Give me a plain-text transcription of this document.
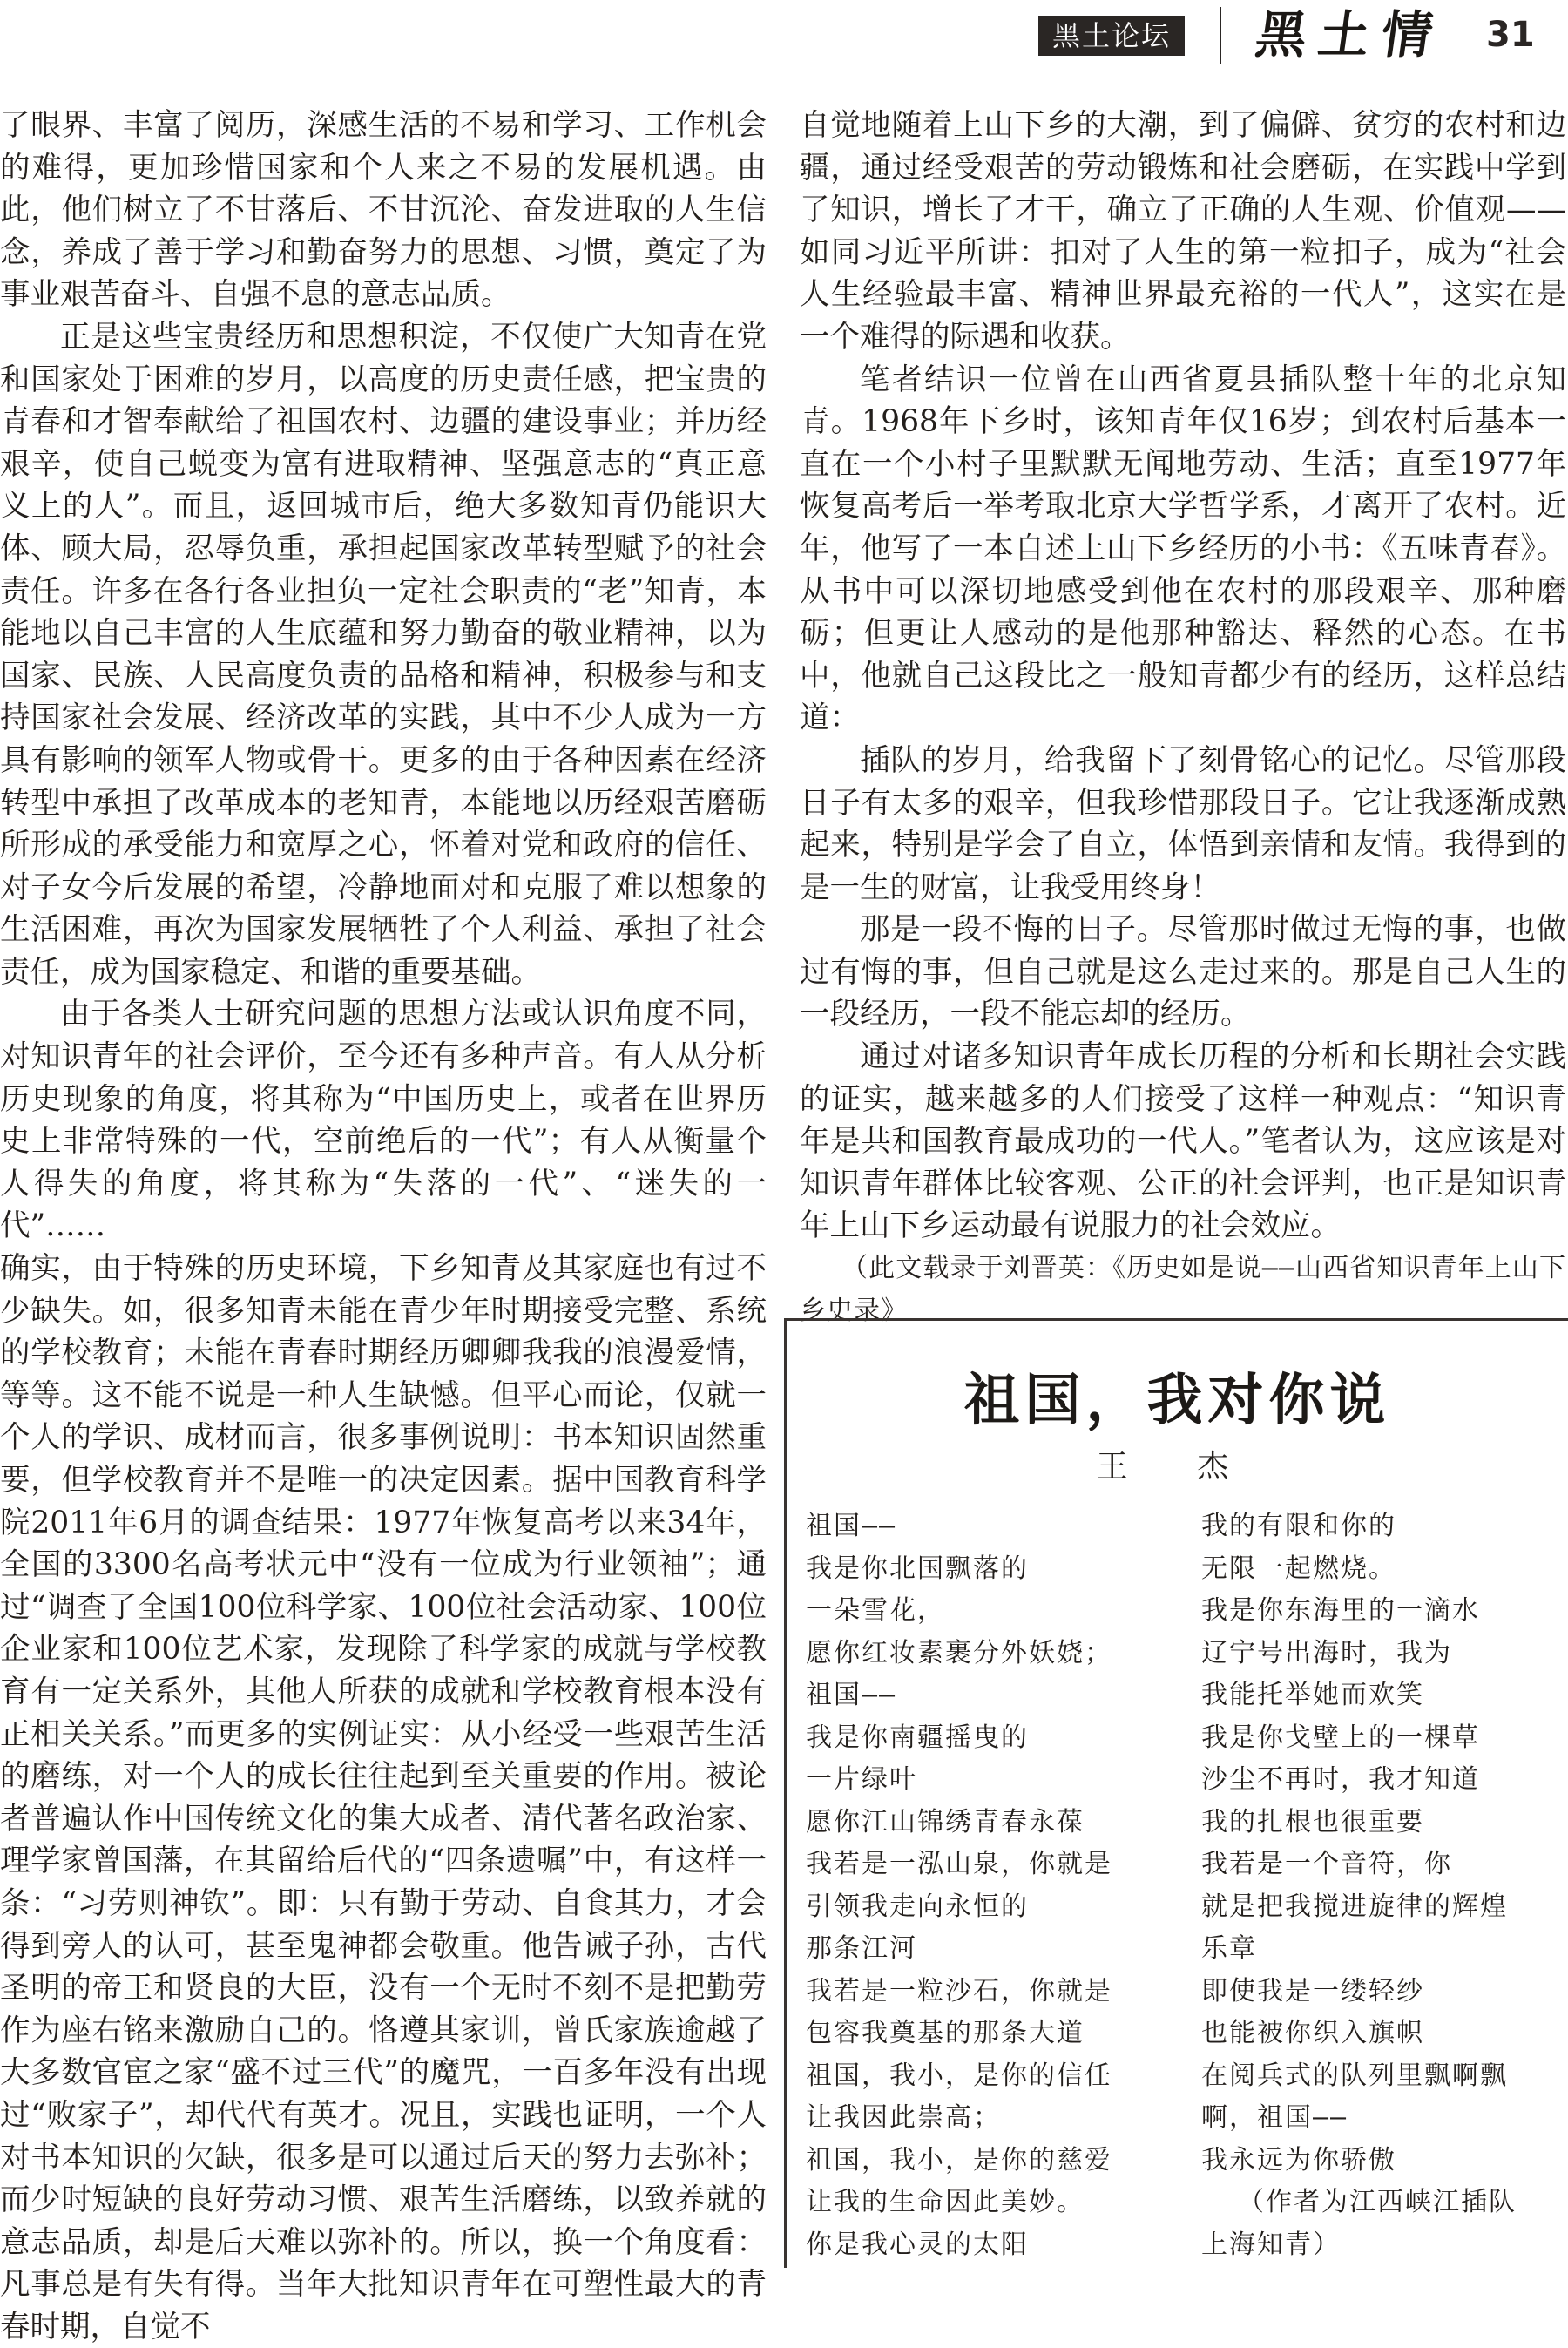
黑土论坛 黑土情 31

了眼界、丰富了阅历，深感生活的不易和学习、工作机会的难得，更加珍惜国家和个人来之不易的发展机遇。由此，他们树立了不甘落后、不甘沉沦、奋发进取的人生信念，养成了善于学习和勤奋努力的思想、习惯，奠定了为事业艰苦奋斗、自强不息的意志品质。

正是这些宝贵经历和思想积淀，不仅使广大知青在党和国家处于困难的岁月，以高度的历史责任感，把宝贵的青春和才智奉献给了祖国农村、边疆的建设事业；并历经艰辛，使自己蜕变为富有进取精神、坚强意志的“真正意义上的人”。而且，返回城市后，绝大多数知青仍能识大体、顾大局，忍辱负重，承担起国家改革转型赋予的社会责任。许多在各行各业担负一定社会职责的“老”知青，本能地以自己丰富的人生底蕴和努力勤奋的敬业精神，以为国家、民族、人民高度负责的品格和精神，积极参与和支持国家社会发展、经济改革的实践，其中不少人成为一方具有影响的领军人物或骨干。更多的由于各种因素在经济转型中承担了改革成本的老知青，本能地以历经艰苦磨砺所形成的承受能力和宽厚之心，怀着对党和政府的信任、对子女今后发展的希望，冷静地面对和克服了难以想象的生活困难，再次为国家发展牺牲了个人利益、承担了社会责任，成为国家稳定、和谐的重要基础。

由于各类人士研究问题的思想方法或认识角度不同，对知识青年的社会评价，至今还有多种声音。有人从分析历史现象的角度，将其称为“中国历史上，或者在世界历史上非常特殊的一代，空前绝后的一代”；有人从衡量个人得失的角度，将其称为“失落的一代”、“迷失的一代”……

确实，由于特殊的历史环境，下乡知青及其家庭也有过不少缺失。如，很多知青未能在青少年时期接受完整、系统的学校教育；未能在青春时期经历卿卿我我的浪漫爱情，等等。这不能不说是一种人生缺憾。但平心而论，仅就一个人的学识、成材而言，很多事例说明：书本知识固然重要，但学校教育并不是唯一的决定因素。据中国教育科学院2011年6月的调查结果：1977年恢复高考以来34年，全国的3300名高考状元中“没有一位成为行业领袖”；通过“调查了全国100位科学家、100位社会活动家、100位企业家和100位艺术家，发现除了科学家的成就与学校教育有一定关系外，其他人所获的成就和学校教育根本没有正相关关系。”而更多的实例证实：从小经受一些艰苦生活的磨练，对一个人的成长往往起到至关重要的作用。被论者普遍认作中国传统文化的集大成者、清代著名政治家、理学家曾国藩，在其留给后代的“四条遗嘱”中，有这样一条：“习劳则神钦”。即：只有勤于劳动、自食其力，才会得到旁人的认可，甚至鬼神都会敬重。他告诫子孙，古代圣明的帝王和贤良的大臣，没有一个无时不刻不是把勤劳作为座右铭来激励自己的。恪遵其家训，曾氏家族逾越了大多数官宦之家“盛不过三代”的魔咒，一百多年没有出现过“败家子”，却代代有英才。况且，实践也证明，一个人对书本知识的欠缺，很多是可以通过后天的努力去弥补；而少时短缺的良好劳动习惯、艰苦生活磨练，以致养就的意志品质，却是后天难以弥补的。所以，换一个角度看：凡事总是有失有得。当年大批知识青年在可塑性最大的青春时期，自觉不

自觉地随着上山下乡的大潮，到了偏僻、贫穷的农村和边疆，通过经受艰苦的劳动锻炼和社会磨砺，在实践中学到了知识，增长了才干，确立了正确的人生观、价值观——如同习近平所讲：扣对了人生的第一粒扣子，成为“社会人生经验最丰富、精神世界最充裕的一代人”，这实在是一个难得的际遇和收获。

笔者结识一位曾在山西省夏县插队整十年的北京知青。1968年下乡时，该知青年仅16岁；到农村后基本一直在一个小村子里默默无闻地劳动、生活；直至1977年恢复高考后一举考取北京大学哲学系，才离开了农村。近年，他写了一本自述上山下乡经历的小书：《五味青春》。从书中可以深切地感受到他在农村的那段艰辛、那种磨砺；但更让人感动的是他那种豁达、释然的心态。在书中，他就自己这段比之一般知青都少有的经历，这样总结道：

插队的岁月，给我留下了刻骨铭心的记忆。尽管那段日子有太多的艰辛，但我珍惜那段日子。它让我逐渐成熟起来，特别是学会了自立，体悟到亲情和友情。我得到的是一生的财富，让我受用终身！

那是一段不悔的日子。尽管那时做过无悔的事，也做过有悔的事，但自己就是这么走过来的。那是自己人生的一段经历，一段不能忘却的经历。

通过对诸多知识青年成长历程的分析和长期社会实践的证实，越来越多的人们接受了这样一种观点：“知识青年是共和国教育最成功的一代人。”笔者认为，这应该是对知识青年群体比较客观、公正的社会评判，也正是知识青年上山下乡运动最有说服力的社会效应。

（此文载录于刘晋英：《历史如是说——山西省知识青年上山下乡史录》

祖国，我对你说
王 杰
祖国——
我是你北国飘落的
一朵雪花，
愿你红妆素裹分外妖娆；
祖国——
我是你南疆摇曳的
一片绿叶
愿你江山锦绣青春永葆
我若是一泓山泉，你就是
引领我走向永恒的
那条江河
我若是一粒沙石，你就是
包容我奠基的那条大道
祖国，我小，是你的信任
让我因此崇高；
祖国，我小，是你的慈爱
让我的生命因此美妙。
你是我心灵的太阳
我的有限和你的
无限一起燃烧。
我是你东海里的一滴水
辽宁号出海时，我为
我能托举她而欢笑
我是你戈壁上的一棵草
沙尘不再时，我才知道
我的扎根也很重要
我若是一个音符，你
就是把我搅进旋律的辉煌
乐章
即使我是一缕轻纱
也能被你织入旗帜
在阅兵式的队列里飘啊飘
啊，祖国——
我永远为你骄傲
（作者为江西峡江插队
上海知青）
